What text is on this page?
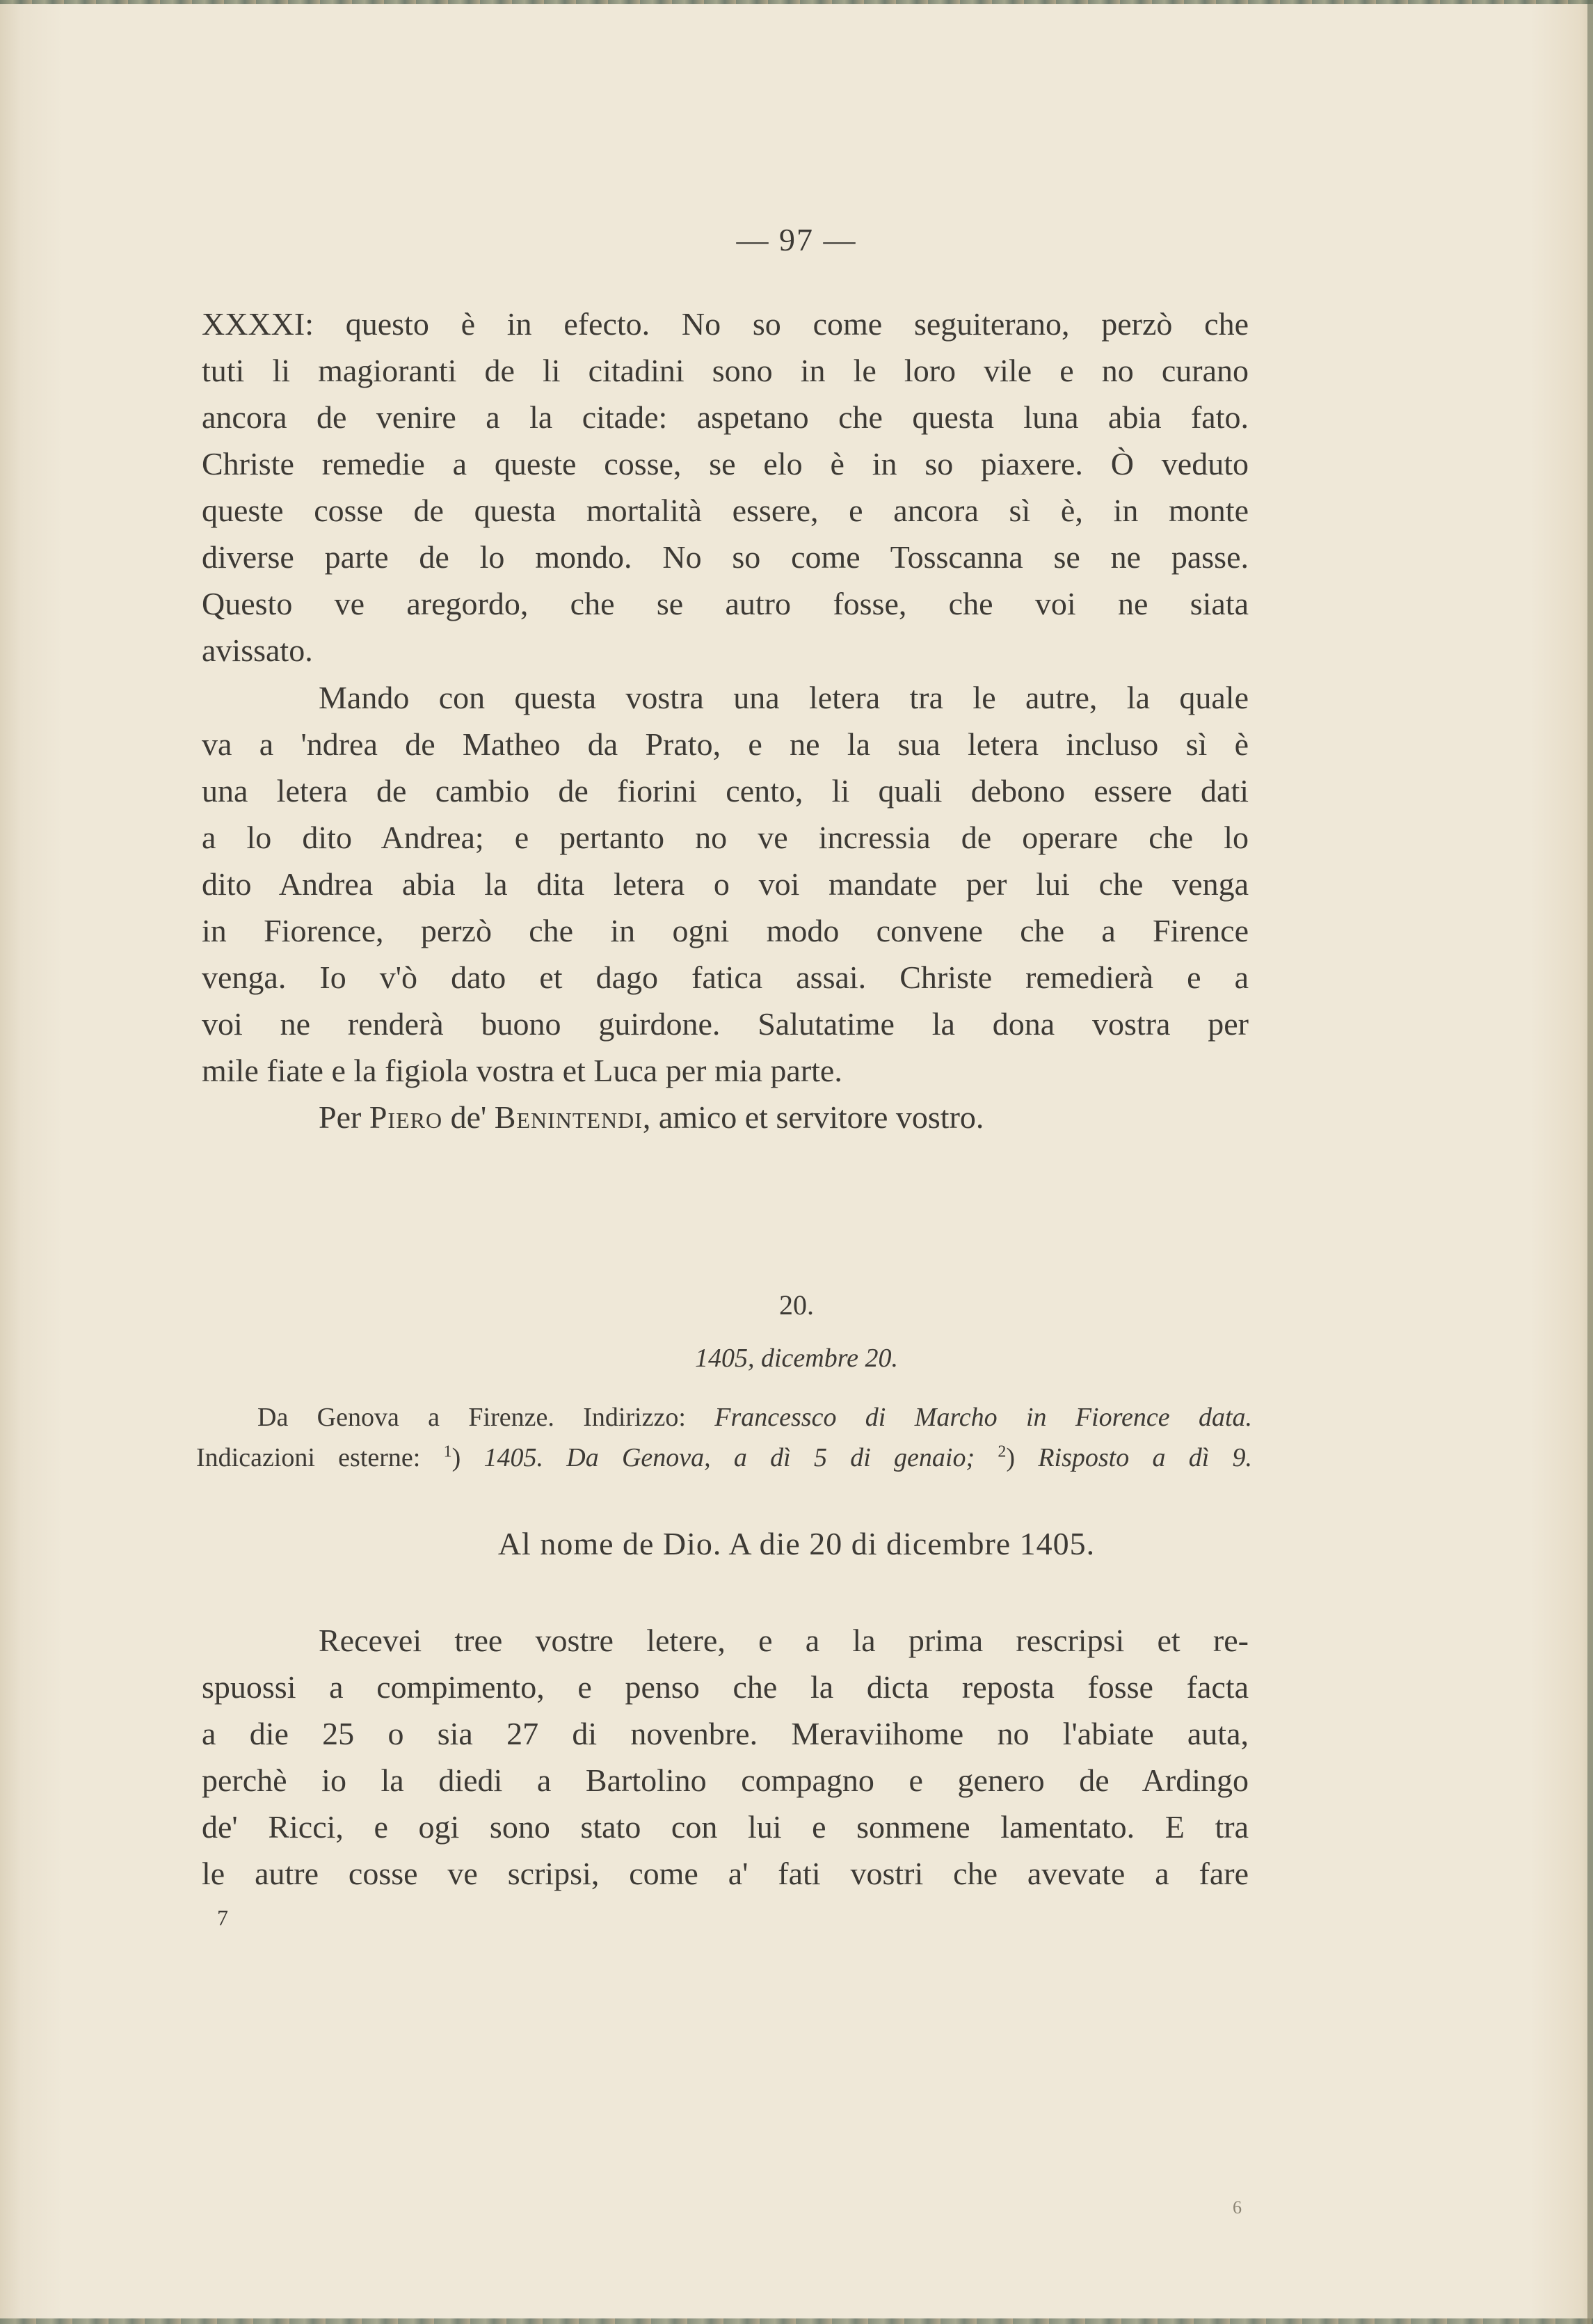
— 97 —
XXXXI: questo è in efecto. No so come seguiterano, perzò che
tuti li magioranti de li citadini sono in le loro vile e no curano
ancora de venire a la citade: aspetano che questa luna abia fato.
Christe remedie a queste cosse, se elo è in so piaxere. Ò veduto
queste cosse de questa mortalità essere, e ancora sì è, in monte
diverse parte de lo mondo. No so come Tosscanna se ne passe.
Questo ve aregordo, che se autro fosse, che voi ne siata
avissato.
Mando con questa vostra una letera tra le autre, la quale
va a 'ndrea de Matheo da Prato, e ne la sua letera incluso sì è
una letera de cambio de fiorini cento, li quali debono essere dati
a lo dito Andrea; e pertanto no ve incressia de operare che lo
dito Andrea abia la dita letera o voi mandate per lui che venga
in Fiorence, perzò che in ogni modo convene che a Firence
venga. Io v'ò dato et dago fatica assai. Christe remedierà e a
voi ne renderà buono guirdone. Salutatime la dona vostra per
mile fiate e la figiola vostra et Luca per mia parte.
Per Piero de' Benintendi, amico et servitore vostro.
20.
1405, dicembre 20.
Da Genova a Firenze. Indirizzo: Francessco di Marcho in Fiorence data.
Indicazioni esterne: $^1$) 1405. Da Genova, a dì 5 di genaio; $^2$) Risposto a dì 9.
Al nome de Dio. A die 20 di dicembre 1405.
Recevei tree vostre letere, e a la prima rescripsi et re-
spuossi a compimento, e penso che la dicta reposta fosse facta
a die 25 o sia 27 di novenbre. Meraviihome no l'abiate auta,
perchè io la diedi a Bartolino compagno e genero de Ardingo
de' Ricci, e ogi sono stato con lui e sonmene lamentato. E tra
le autre cosse ve scripsi, come a' fati vostri che avevate a fare
7
6
